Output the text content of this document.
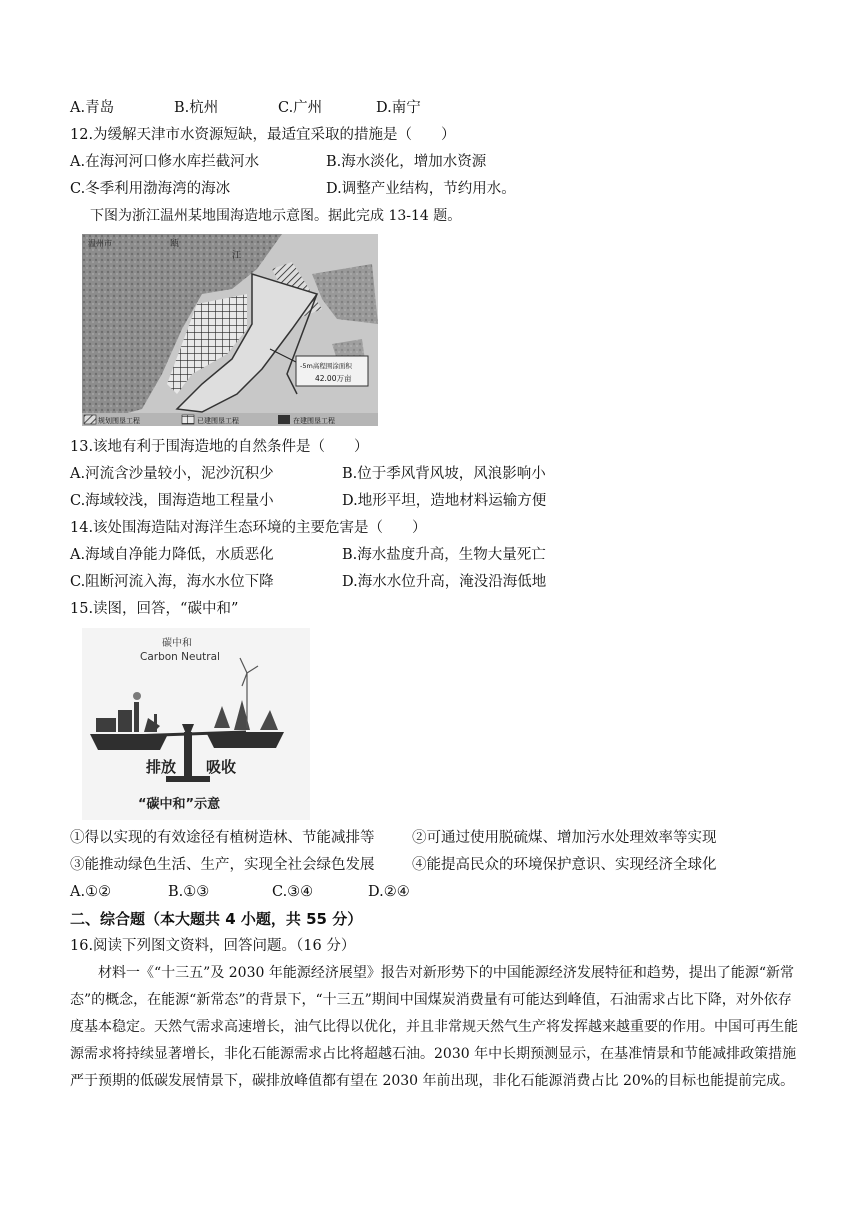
A.青岛	B.杭州	C.广州	D.南宁
12.为缓解天津市水资源短缺，最适宜采取的措施是（　　）
A.在海河河口修水库拦截河水	B.海水淡化，增加水资源
C.冬季利用渤海湾的海冰	D.调整产业结构，节约用水。
下图为浙江温州某地围海造地示意图。据此完成 13-14 题。
温州市	瓯
江
-5m高程围涂面积
42.00万亩
规划围垦工程	已建围垦工程	在建围垦工程
13.该地有利于围海造地的自然条件是（　　）
A.河流含沙量较小，泥沙沉积少	B.位于季风背风坡，风浪影响小
C.海域较浅，围海造地工程量小	D.地形平坦，造地材料运输方便
14.该处围海造陆对海洋生态环境的主要危害是（　　）
A.海域自净能力降低，水质恶化	B.海水盐度升高，生物大量死亡
C.阻断河流入海，海水水位下降	D.海水水位升高，淹没沿海低地
15.读图，回答，“碳中和”
碳中和
Carbon Neutral
排放 吸收
“碳中和”示意
①得以实现的有效途径有植树造林、节能减排等	②可通过使用脱硫煤、增加污水处理效率等实现
③能推动绿色生活、生产，实现全社会绿色发展	④能提高民众的环境保护意识、实现经济全球化
A.①②	B.①③	C.③④	D.②④
二、综合题（本大题共 4 小题，共 55 分）
16.阅读下列图文资料，回答问题。（16 分）
材料一《“十三五”及 2030 年能源经济展望》报告对新形势下的中国能源经济发展特征和趋势，提出了能源“新常态”的概念，在能源“新常态”的背景下，“十三五”期间中国煤炭消费量有可能达到峰值，石油需求占比下降，对外依存度基本稳定。天然气需求高速增长，油气比得以优化，并且非常规天然气生产将发挥越来越重要的作用。中国可再生能源需求将持续显著增长，非化石能源需求占比将超越石油。2030 年中长期预测显示，在基准情景和节能减排政策措施严于预期的低碳发展情景下，碳排放峰值都有望在 2030 年前出现，非化石能源消费占比 20%的目标也能提前完成。
